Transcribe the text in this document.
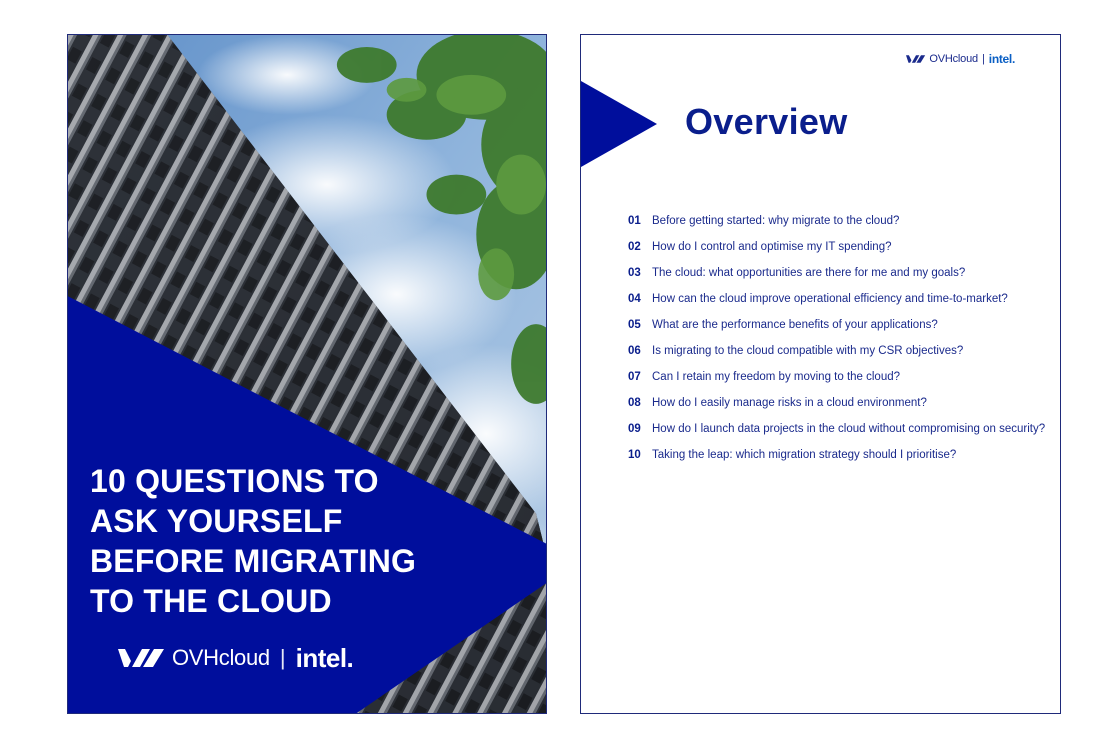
10 QUESTIONS TO
ASK YOURSELF
BEFORE MIGRATING
TO THE CLOUD
OVHcloud | intel.
OVHcloud | intel.
Overview
01 Before getting started: why migrate to the cloud?
02 How do I control and optimise my IT spending?
03 The cloud: what opportunities are there for me and my goals?
04 How can the cloud improve operational efficiency and time-to-market?
05 What are the performance benefits of your applications?
06 Is migrating to the cloud compatible with my CSR objectives?
07 Can I retain my freedom by moving to the cloud?
08 How do I easily manage risks in a cloud environment?
09 How do I launch data projects in the cloud without compromising on security?
10 Taking the leap: which migration strategy should I prioritise?
